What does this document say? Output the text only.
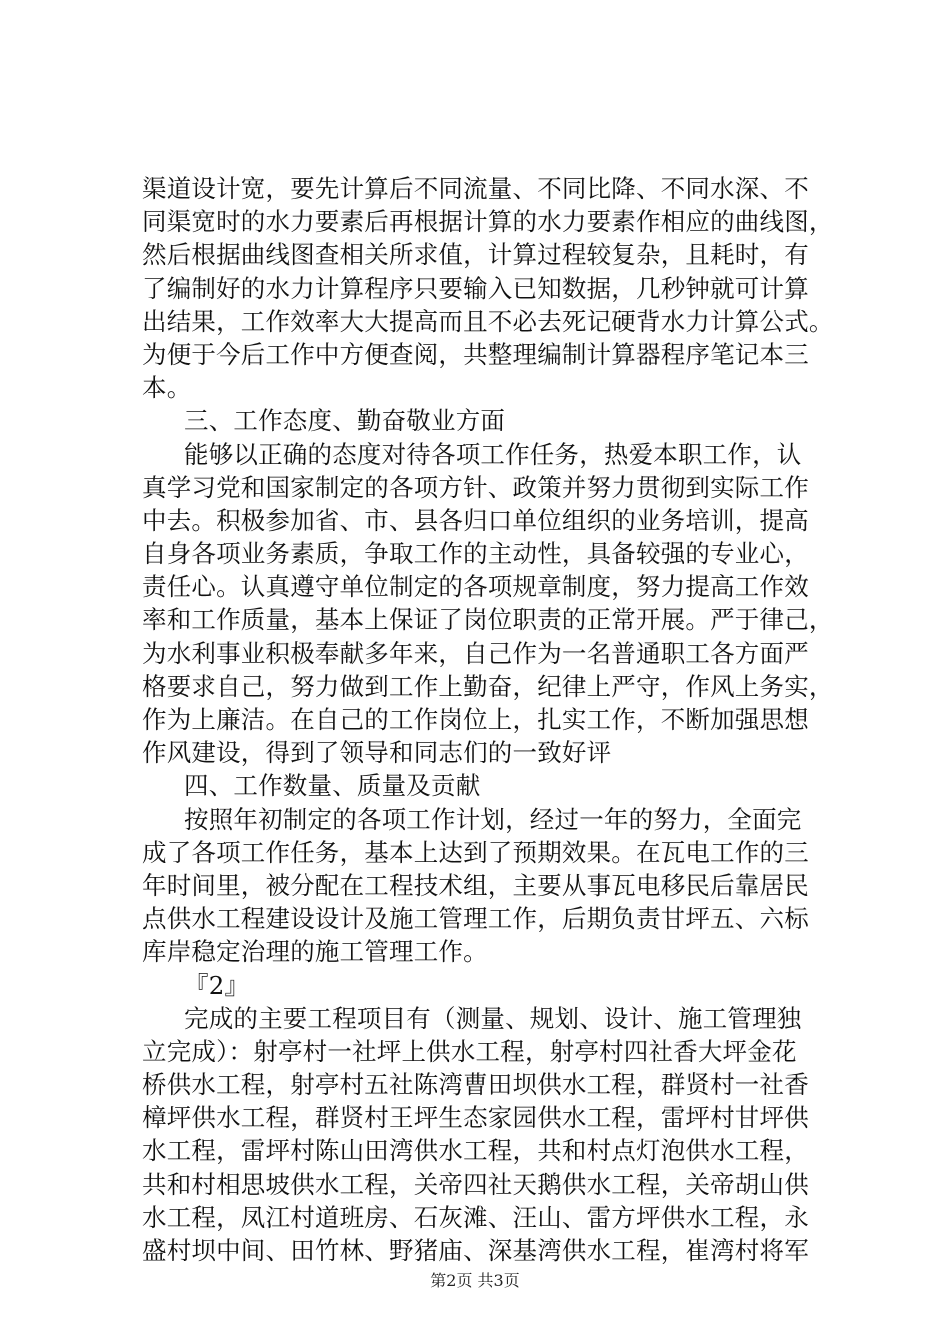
渠道设计宽，要先计算后不同流量、不同比降、不同水深、不
同渠宽时的水力要素后再根据计算的水力要素作相应的曲线图，
然后根据曲线图查相关所求值，计算过程较复杂，且耗时，有
了编制好的水力计算程序只要输入已知数据，几秒钟就可计算
出结果，工作效率大大提高而且不必去死记硬背水力计算公式。
为便于今后工作中方便查阅，共整理编制计算器程序笔记本三
本。
三、工作态度、勤奋敬业方面
能够以正确的态度对待各项工作任务，热爱本职工作，认
真学习党和国家制定的各项方针、政策并努力贯彻到实际工作
中去。积极参加省、市、县各归口单位组织的业务培训，提高
自身各项业务素质，争取工作的主动性，具备较强的专业心，
责任心。认真遵守单位制定的各项规章制度，努力提高工作效
率和工作质量，基本上保证了岗位职责的正常开展。严于律己，
为水利事业积极奉献多年来，自己作为一名普通职工各方面严
格要求自己，努力做到工作上勤奋，纪律上严守，作风上务实，
作为上廉洁。在自己的工作岗位上，扎实工作，不断加强思想
作风建设，得到了领导和同志们的一致好评
四、工作数量、质量及贡献
按照年初制定的各项工作计划，经过一年的努力，全面完
成了各项工作任务，基本上达到了预期效果。在瓦电工作的三
年时间里，被分配在工程技术组，主要从事瓦电移民后靠居民
点供水工程建设设计及施工管理工作，后期负责甘坪五、六标
库岸稳定治理的施工管理工作。
『2』
完成的主要工程项目有（测量、规划、设计、施工管理独
立完成）：射亭村一社坪上供水工程，射亭村四社香大坪金花
桥供水工程，射亭村五社陈湾曹田坝供水工程，群贤村一社香
樟坪供水工程，群贤村王坪生态家园供水工程，雷坪村甘坪供
水工程，雷坪村陈山田湾供水工程，共和村点灯泡供水工程，
共和村相思坡供水工程，关帝四社天鹅供水工程，关帝胡山供
水工程，凤江村道班房、石灰滩、汪山、雷方坪供水工程，永
盛村坝中间、田竹林、野猪庙、深基湾供水工程，崔湾村将军
第2页 共3页
